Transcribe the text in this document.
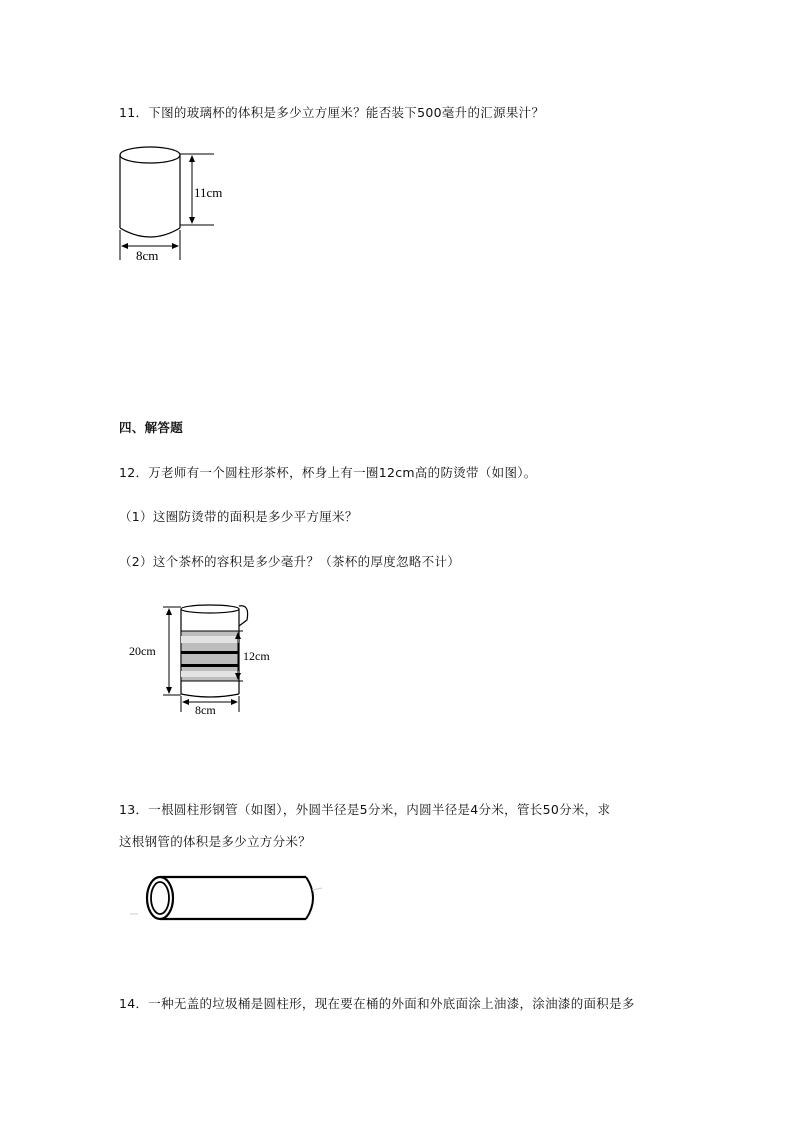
11．下图的玻璃杯的体积是多少立方厘米？能否装下500毫升的汇源果汁？
11cm
8cm
四、解答题
12．万老师有一个圆柱形茶杯，杯身上有一圈12cm高的防烫带（如图）。
（1）这圈防烫带的面积是多少平方厘米？
（2）这个茶杯的容积是多少毫升？（茶杯的厚度忽略不计）
20cm	12cm
8cm
13．一根圆柱形钢管（如图），外圆半径是5分米，内圆半径是4分米，管长50分米，求
这根钢管的体积是多少立方分米？
14．一种无盖的垃圾桶是圆柱形，现在要在桶的外面和外底面涂上油漆，涂油漆的面积是多
